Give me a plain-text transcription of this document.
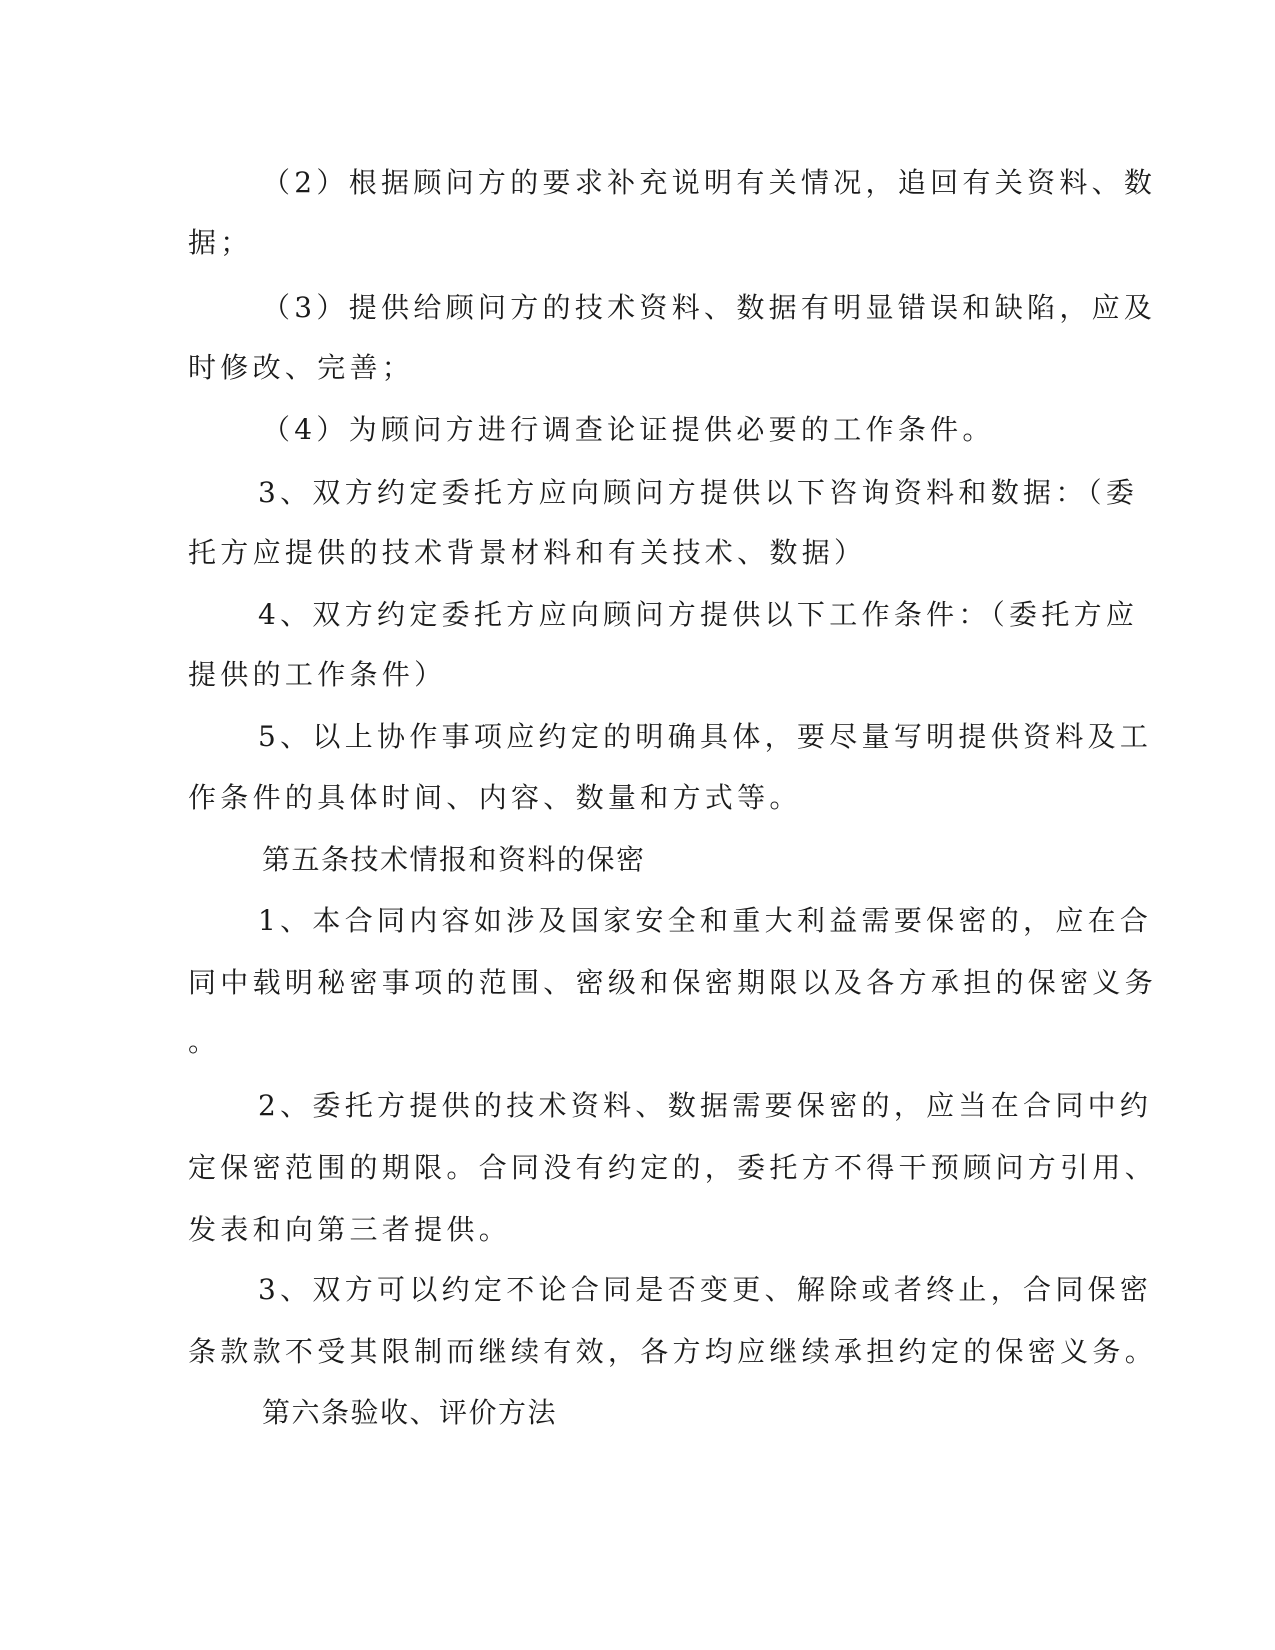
（2）根据顾问方的要求补充说明有关情况，追回有关资料、数
据；
（3）提供给顾问方的技术资料、数据有明显错误和缺陷，应及
时修改、完善；
（4）为顾问方进行调查论证提供必要的工作条件。
3、双方约定委托方应向顾问方提供以下咨询资料和数据：（委
托方应提供的技术背景材料和有关技术、数据）
4、双方约定委托方应向顾问方提供以下工作条件：（委托方应
提供的工作条件）
5、以上协作事项应约定的明确具体，要尽量写明提供资料及工
作条件的具体时间、内容、数量和方式等。
第五条技术情报和资料的保密
1、本合同内容如涉及国家安全和重大利益需要保密的，应在合
同中载明秘密事项的范围、密级和保密期限以及各方承担的保密义务
。
2、委托方提供的技术资料、数据需要保密的，应当在合同中约
定保密范围的期限。合同没有约定的，委托方不得干预顾问方引用、
发表和向第三者提供。
3、双方可以约定不论合同是否变更、解除或者终止，合同保密
条款款不受其限制而继续有效，各方均应继续承担约定的保密义务。
第六条验收、评价方法
